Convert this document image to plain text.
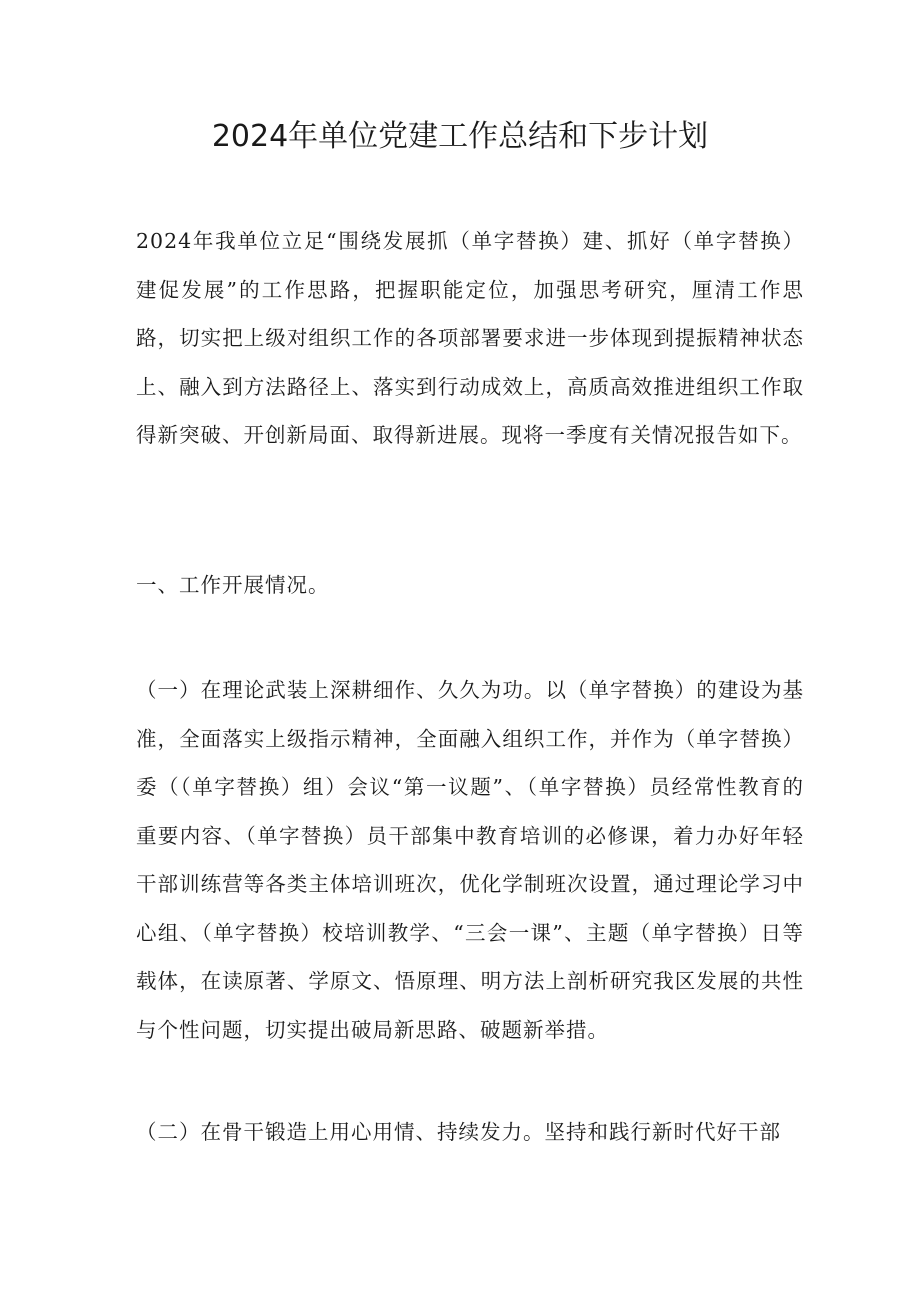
2024年单位党建工作总结和下步计划

2024年我单位立足“围绕发展抓（单字替换）建、抓好（单字替换）建促发展”的工作思路，把握职能定位，加强思考研究，厘清工作思路，切实把上级对组织工作的各项部署要求进一步体现到提振精神状态上、融入到方法路径上、落实到行动成效上，高质高效推进组织工作取得新突破、开创新局面、取得新进展。现将一季度有关情况报告如下。

一、工作开展情况。

（一）在理论武装上深耕细作、久久为功。以（单字替换）的建设为基准，全面落实上级指示精神，全面融入组织工作，并作为（单字替换）委（（单字替换）组）会议“第一议题”、（单字替换）员经常性教育的重要内容、（单字替换）员干部集中教育培训的必修课，着力办好年轻干部训练营等各类主体培训班次，优化学制班次设置，通过理论学习中心组、（单字替换）校培训教学、“三会一课”、主题（单字替换）日等载体，在读原著、学原文、悟原理、明方法上剖析研究我区发展的共性与个性问题，切实提出破局新思路、破题新举措。

（二）在骨干锻造上用心用情、持续发力。坚持和践行新时代好干部
